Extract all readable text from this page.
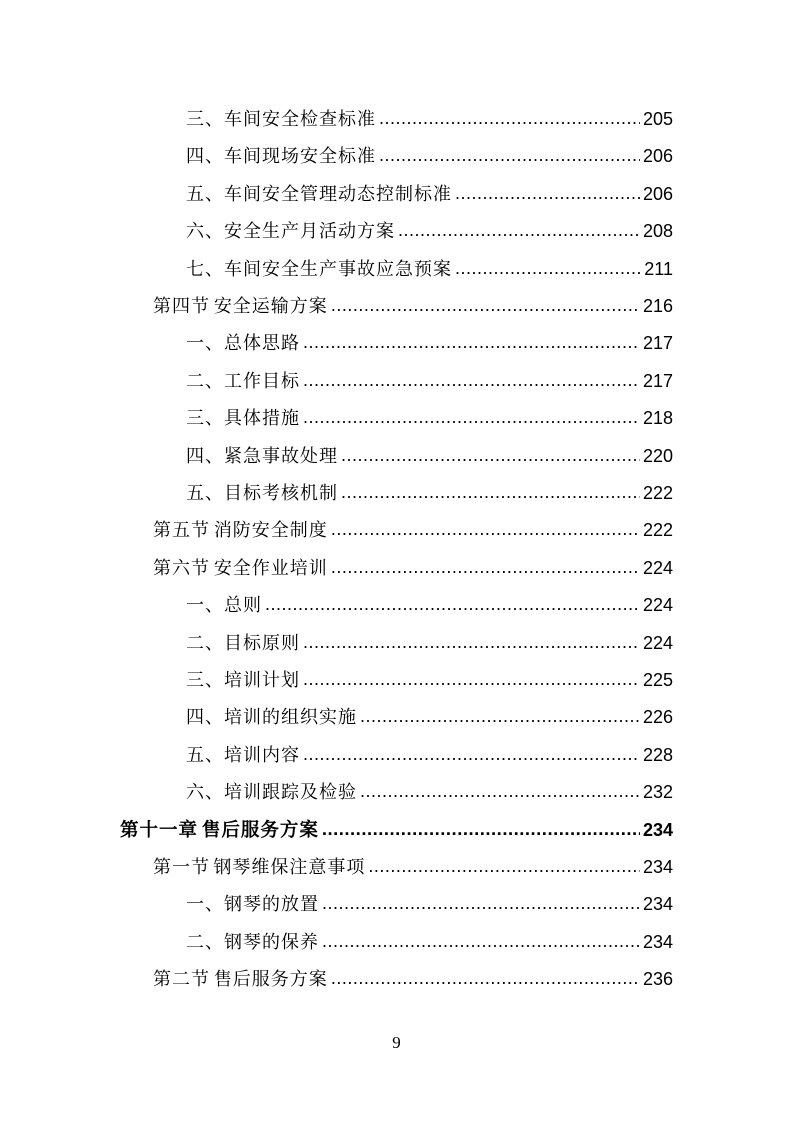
三、 车间安全检查标准 .....	205
四、 车间现场安全标准 .....	206
五、 车间安全管理动态控制标准 .....	206
六、 安全生产月活动方案 .....	208
七、 车间安全生产事故应急预案 .....	211
第四节 安全运输方案 .....	216
一、 总体思路 .....	217
二、 工作目标 .....	217
三、 具体措施 .....	218
四、 紧急事故处理 .....	220
五、 目标考核机制 .....	222
第五节 消防安全制度 .....	222
第六节 安全作业培训 .....	224
一、 总则 .....	224
二、 目标原则 .....	224
三、 培训计划 .....	225
四、 培训的组织实施 .....	226
五、 培训内容 .....	228
六、 培训跟踪及检验 .....	232
第十一章 售后服务方案 .....	234
第一节 钢琴维保注意事项 .....	234
一、 钢琴的放置 .....	234
二、 钢琴的保养 .....	234
第二节 售后服务方案 .....	236
9
